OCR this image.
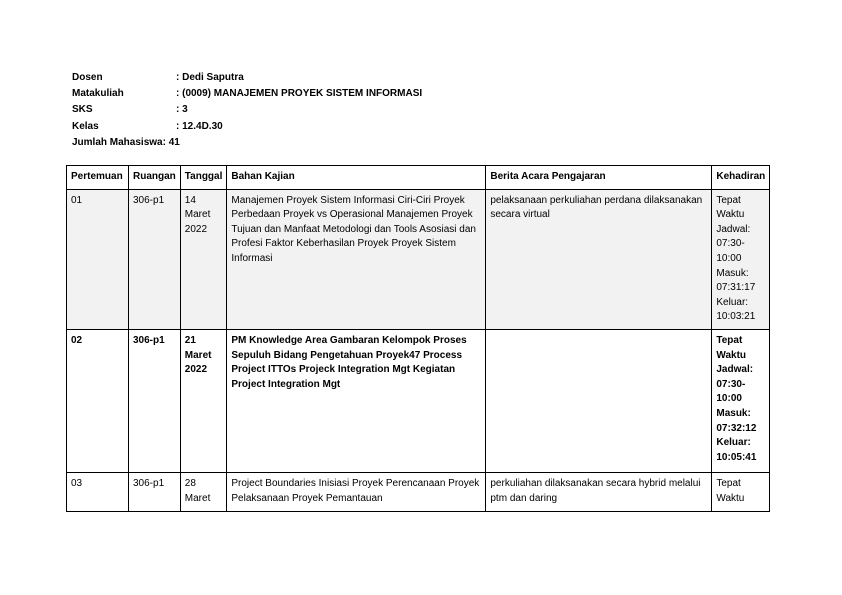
Dosen	: Dedi Saputra
Matakuliah	: (0009) MANAJEMEN PROYEK SISTEM INFORMASI
SKS	: 3
Kelas	: 12.4D.30
Jumlah Mahasiswa : 41
Pertemuan	Ruangan	Tanggal	Bahan Kajian	Berita Acara Pengajaran	Kehadiran
01	306-p1	14 Maret 2022	Manajemen Proyek Sistem Informasi Ciri-Ciri Proyek Perbedaan Proyek vs Operasional Manajemen Proyek Tujuan dan Manfaat Metodologi dan Tools Asosiasi dan Profesi Faktor Keberhasilan Proyek Proyek Sistem Informasi	pelaksanaan perkuliahan perdana dilaksanakan secara virtual	Tepat Waktu Jadwal: 07:30-10:00 Masuk: 07:31:17 Keluar: 10:03:21
02	306-p1	21 Maret 2022	PM Knowledge Area Gambaran Kelompok Proses Sepuluh Bidang Pengetahuan Proyek47 Process Project ITTOs Projeck Integration Mgt Kegiatan Project Integration Mgt		Tepat Waktu Jadwal: 07:30-10:00 Masuk: 07:32:12 Keluar: 10:05:41

03	306-p1	28 Maret	Project Boundaries Inisiasi Proyek Perencanaan Proyek Pelaksanaan Proyek Pemantauan	perkuliahan dilaksanakan secara hybrid melalui ptm dan daring	Tepat Waktu
